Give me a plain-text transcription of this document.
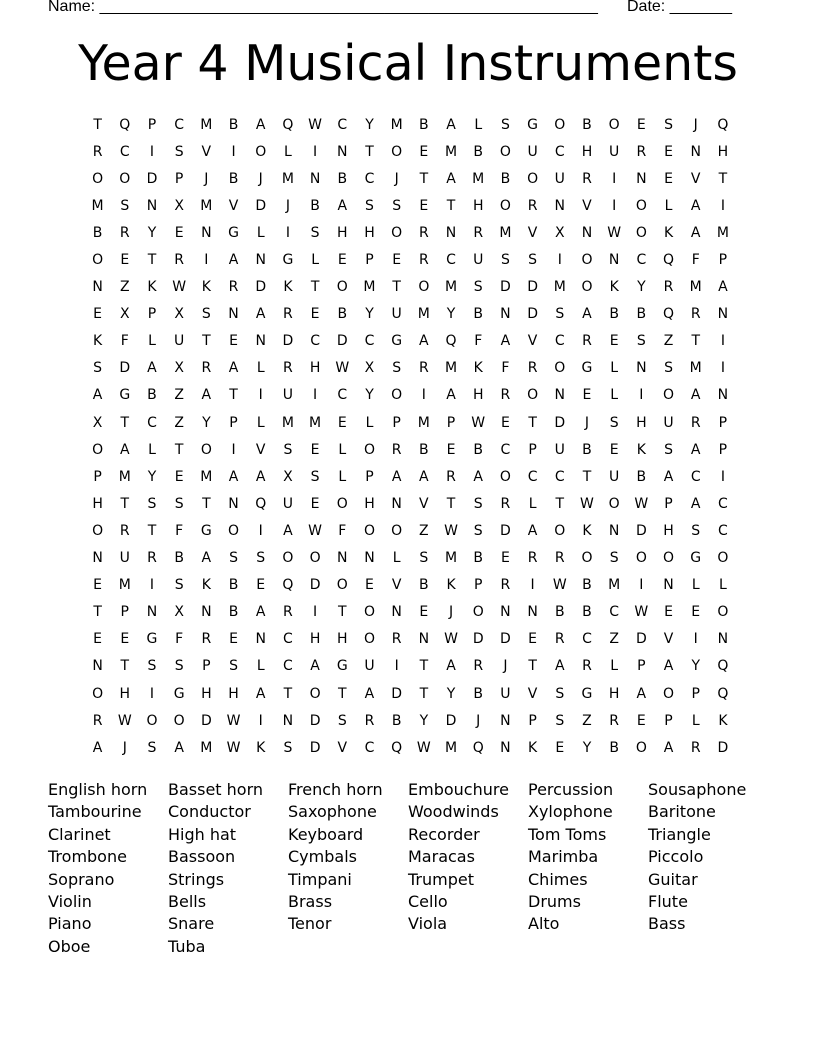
Name: ________________________________________________________ Date: _______
Year 4 Musical Instruments
T	Q	P	C	M	B	A	Q	W	C	Y	M	B	A	L	S	G	O	B	O	E	S	J	Q
R	C	I	S	V	I	O	L	I	N	T	O	E	M	B	O	U	C	H	U	R	E	N	H
O	O	D	P	J	B	J	M	N	B	C	J	T	A	M	B	O	U	R	I	N	E	V	T
M	S	N	X	M	V	D	J	B	A	S	S	E	T	H	O	R	N	V	I	O	L	A	I
B	R	Y	E	N	G	L	I	S	H	H	O	R	N	R	M	V	X	N	W	O	K	A	M
O	E	T	R	I	A	N	G	L	E	P	E	R	C	U	S	S	I	O	N	C	Q	F	P
N	Z	K	W	K	R	D	K	T	O	M	T	O	M	S	D	D	M	O	K	Y	R	M	A
E	X	P	X	S	N	A	R	E	B	Y	U	M	Y	B	N	D	S	A	B	B	Q	R	N
K	F	L	U	T	E	N	D	C	D	C	G	A	Q	F	A	V	C	R	E	S	Z	T	I
S	D	A	X	R	A	L	R	H	W	X	S	R	M	K	F	R	O	G	L	N	S	M	I
A	G	B	Z	A	T	I	U	I	C	Y	O	I	A	H	R	O	N	E	L	I	O	A	N
X	T	C	Z	Y	P	L	M	M	E	L	P	M	P	W	E	T	D	J	S	H	U	R	P
O	A	L	T	O	I	V	S	E	L	O	R	B	E	B	C	P	U	B	E	K	S	A	P
P	M	Y	E	M	A	A	X	S	L	P	A	A	R	A	O	C	C	T	U	B	A	C	I
H	T	S	S	T	N	Q	U	E	O	H	N	V	T	S	R	L	T	W	O	W	P	A	C
O	R	T	F	G	O	I	A	W	F	O	O	Z	W	S	D	A	O	K	N	D	H	S	C
N	U	R	B	A	S	S	O	O	N	N	L	S	M	B	E	R	R	O	S	O	O	G	O
E	M	I	S	K	B	E	Q	D	O	E	V	B	K	P	R	I	W	B	M	I	N	L	L
T	P	N	X	N	B	A	R	I	T	O	N	E	J	O	N	N	B	B	C	W	E	E	O
E	E	G	F	R	E	N	C	H	H	O	R	N	W	D	D	E	R	C	Z	D	V	I	N
N	T	S	S	P	S	L	C	A	G	U	I	T	A	R	J	T	A	R	L	P	A	Y	Q
O	H	I	G	H	H	A	T	O	T	A	D	T	Y	B	U	V	S	G	H	A	O	P	Q
R	W	O	O	D	W	I	N	D	S	R	B	Y	D	J	N	P	S	Z	R	E	P	L	K
A	J	S	A	M	W	K	S	D	V	C	Q	W	M	Q	N	K	E	Y	B	O	A	R	D
English horn	Basset horn	French horn	Embouchure	Percussion	Sousaphone
Tambourine	Conductor	Saxophone	Woodwinds	Xylophone	Baritone
Clarinet	High hat	Keyboard	Recorder	Tom Toms	Triangle
Trombone	Bassoon	Cymbals	Maracas	Marimba	Piccolo
Soprano	Strings	Timpani	Trumpet	Chimes	Guitar
Violin	Bells	Brass	Cello	Drums	Flute
Piano	Snare	Tenor	Viola	Alto	Bass
Oboe	Tuba
